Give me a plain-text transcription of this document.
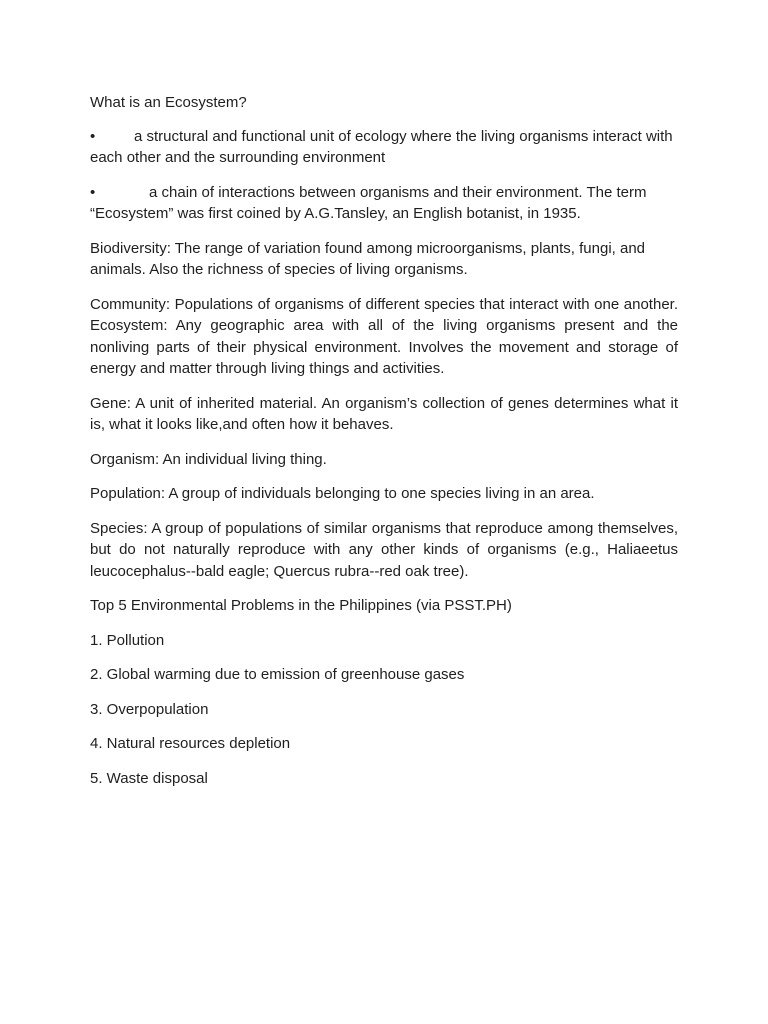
What is an Ecosystem?

•	a structural and functional unit of ecology where the living organisms interact with each other and the surrounding environment

•	a chain of interactions between organisms and their environment. The term “Ecosystem” was first coined by A.G.Tansley, an English botanist, in 1935.

Biodiversity: The range of variation found among microorganisms, plants, fungi, and animals. Also the richness of species of living organisms.

Community: Populations of organisms of different species that interact with one another. Ecosystem: Any geographic area with all of the living organisms present and the nonliving parts of their physical environment. Involves the movement and storage of energy and matter through living things and activities.

Gene: A unit of inherited material. An organism’s collection of genes determines what it is, what it looks like,and often how it behaves.

Organism: An individual living thing.

Population: A group of individuals belonging to one species living in an area.

Species: A group of populations of similar organisms that reproduce among themselves, but do not naturally reproduce with any other kinds of organisms (e.g., Haliaeetus leucocephalus--bald eagle; Quercus rubra--red oak tree).

Top 5 Environmental Problems in the Philippines (via PSST.PH)

1. Pollution

2. Global warming due to emission of greenhouse gases

3. Overpopulation

4. Natural resources depletion

5. Waste disposal
